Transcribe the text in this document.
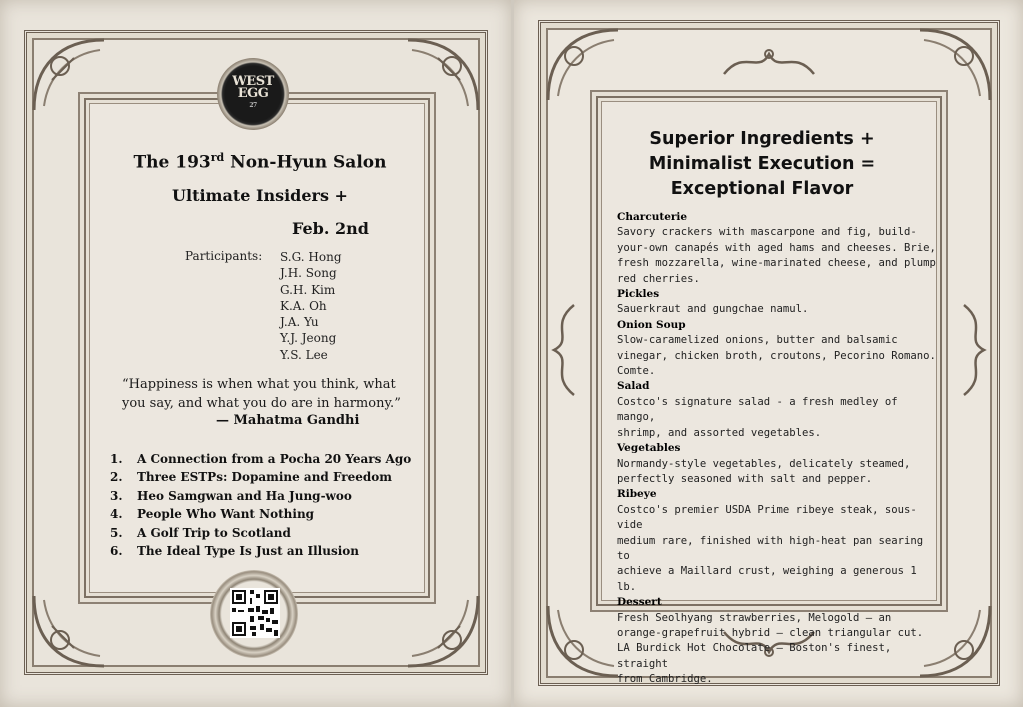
WEST
EGG
27
The 193rd Non-Hyun Salon
Ultimate Insiders +
Feb. 2nd
Participants: S.G. Hong
J.H. Song
G.H. Kim
K.A. Oh
J.A. Yu
Y.J. Jeong
Y.S. Lee
“Happiness is when what you think, what you say, and what you do are in harmony.”
— Mahatma Gandhi
1. A Connection from a Pocha 20 Years Ago
2. Three ESTPs: Dopamine and Freedom
3. Heo Samgwan and Ha Jung-woo
4. People Who Want Nothing
5. A Golf Trip to Scotland
6. The Ideal Type Is Just an Illusion
Superior Ingredients +
Minimalist Execution =
Exceptional Flavor
Charcuterie
Savory crackers with mascarpone and fig, build-
your-own canapés with aged hams and cheeses. Brie,
fresh mozzarella, wine-marinated cheese, and plump
red cherries.
Pickles
Sauerkraut and gungchae namul.
Onion Soup
Slow-caramelized onions, butter and balsamic
vinegar, chicken broth, croutons, Pecorino Romano.
Comte.
Salad
Costco's signature salad - a fresh medley of mango,
shrimp, and assorted vegetables.
Vegetables
Normandy-style vegetables, delicately steamed,
perfectly seasoned with salt and pepper.
Ribeye
Costco's premier USDA Prime ribeye steak, sous-vide
medium rare, finished with high-heat pan searing to
achieve a Maillard crust, weighing a generous 1 lb.
Dessert
Fresh Seolhyang strawberries, Melogold — an
orange-grapefruit hybrid — clean triangular cut.
LA Burdick Hot Chocolate — Boston's finest, straight
from Cambridge.
